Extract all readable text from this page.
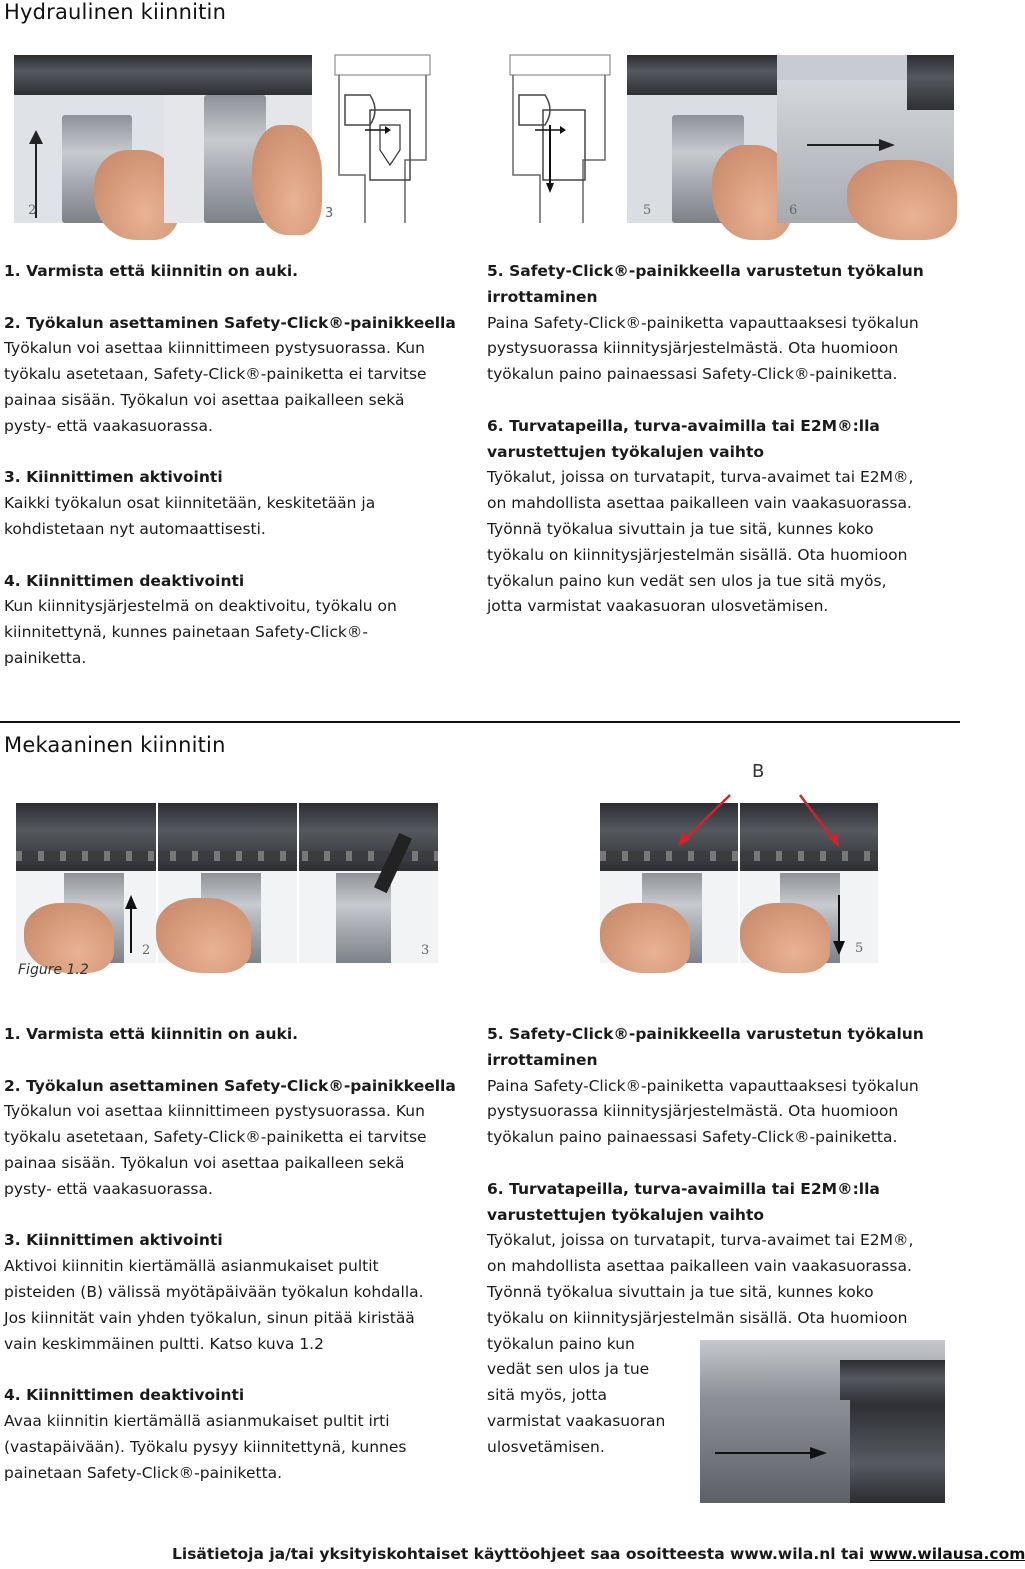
Hydraulinen kiinnitin
2	3	5	6

1. Varmista että kiinnitin on auki.

2. Työkalun asettaminen Safety-Click®-painikkeella

Työkalun voi asettaa kiinnittimeen pystysuorassa. Kun

työkalu asetetaan, Safety-Click®-painiketta ei tarvitse

painaa sisään. Työkalun voi asettaa paikalleen sekä

pysty- että vaakasuorassa.

3. Kiinnittimen aktivointi

Kaikki työkalun osat kiinnitetään, keskitetään ja

kohdistetaan nyt automaattisesti.

4. Kiinnittimen deaktivointi

Kun kiinnitysjärjestelmä on deaktivoitu, työkalu on

kiinnitettynä, kunnes painetaan Safety-Click®-

painiketta.

5. Safety-Click®-painikkeella varustetun työkalun

irrottaminen

Paina Safety-Click®-painiketta vapauttaaksesi työkalun

pystysuorassa kiinnitysjärjestelmästä. Ota huomioon

työkalun paino painaessasi Safety-Click®-painiketta.

6. Turvatapeilla, turva-avaimilla tai E2M®:lla

varustettujen työkalujen vaihto

Työkalut, joissa on turvatapit, turva-avaimet tai E2M®,

on mahdollista asettaa paikalleen vain vaakasuorassa.

Työnnä työkalua sivuttain ja tue sitä, kunnes koko

työkalu on kiinnitysjärjestelmän sisällä. Ota huomioon

työkalun paino kun vedät sen ulos ja tue sitä myös,

jotta varmistat vaakasuoran ulosvetämisen.

Mekaaninen kiinnitin
2	3
Figure 1.2
B
5

1. Varmista että kiinnitin on auki.

2. Työkalun asettaminen Safety-Click®-painikkeella

Työkalun voi asettaa kiinnittimeen pystysuorassa. Kun

työkalu asetetaan, Safety-Click®-painiketta ei tarvitse

painaa sisään. Työkalun voi asettaa paikalleen sekä

pysty- että vaakasuorassa.

3. Kiinnittimen aktivointi

Aktivoi kiinnitin kiertämällä asianmukaiset pultit

pisteiden (B) välissä myötäpäivään työkalun kohdalla.

Jos kiinnität vain yhden työkalun, sinun pitää kiristää

vain keskimmäinen pultti. Katso kuva 1.2

4. Kiinnittimen deaktivointi

Avaa kiinnitin kiertämällä asianmukaiset pultit irti

(vastapäivään). Työkalu pysyy kiinnitettynä, kunnes

painetaan Safety-Click®-painiketta.

5. Safety-Click®-painikkeella varustetun työkalun

irrottaminen

Paina Safety-Click®-painiketta vapauttaaksesi työkalun

pystysuorassa kiinnitysjärjestelmästä. Ota huomioon

työkalun paino painaessasi Safety-Click®-painiketta.

6. Turvatapeilla, turva-avaimilla tai E2M®:lla

varustettujen työkalujen vaihto

Työkalut, joissa on turvatapit, turva-avaimet tai E2M®,

on mahdollista asettaa paikalleen vain vaakasuorassa.

Työnnä työkalua sivuttain ja tue sitä, kunnes koko

työkalu on kiinnitysjärjestelmän sisällä. Ota huomioon

työkalun paino kun

vedät sen ulos ja tue

sitä myös, jotta

varmistat vaakasuoran

ulosvetämisen.

Lisätietoja ja/tai yksityiskohtaiset käyttöohjeet saa osoitteesta www.wila.nl tai www.wilausa.com
